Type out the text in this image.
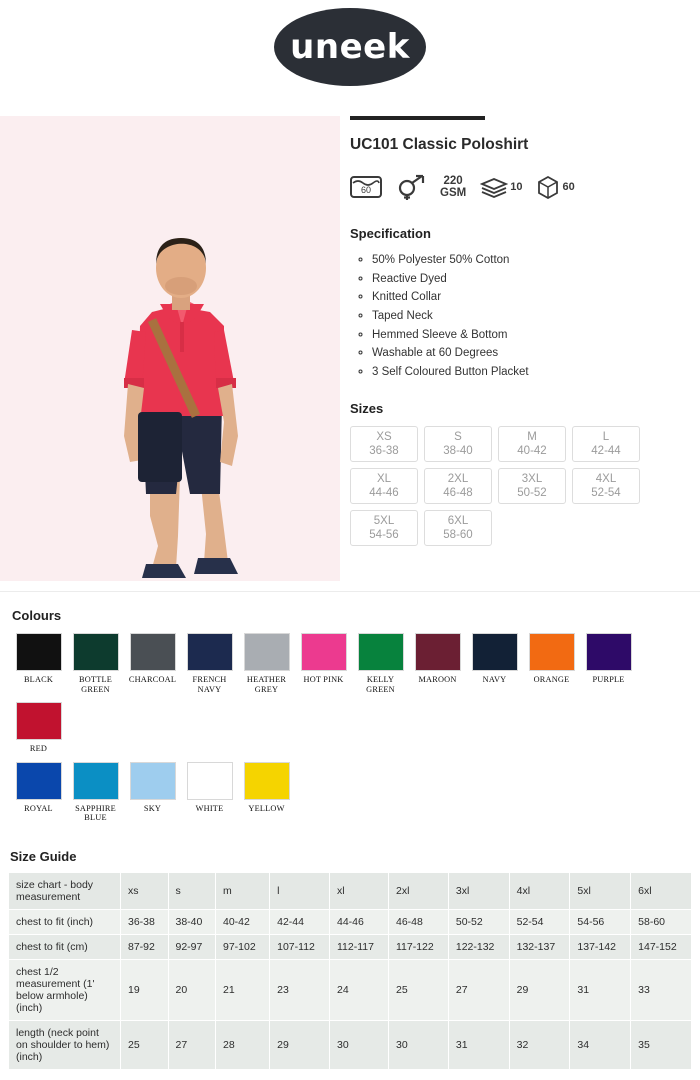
uneek
UC101 Classic Poloshirt
60
220
GSM
10	60
Specification
◦ 50% Polyester 50% Cotton
◦ Reactive Dyed
◦ Knitted Collar
◦ Taped Neck
◦ Hemmed Sleeve & Bottom
◦ Washable at 60 Degrees
◦ 3 Self Coloured Button Placket
Sizes
XS
36-38
S
38-40
M
40-42
L
42-44
XL
44-46
2XL
46-48
3XL
50-52
4XL
52-54
5XL
54-56
6XL
58-60
Colours
BLACK	BOTTLE GREEN
CHARCOAL	FRENCH NAVY
HEATHER GREY
HOT PINK	KELLY GREEN
MAROON	NAVY	ORANGE	PURPLE
RED
ROYAL	SAPPHIRE BLUE
SKY	WHITE	YELLOW
Size Guide
size chart - body measurement	xs	s	m	l	xl	2xl	3xl	4xl	5xl	6xl
chest to fit (inch)	36-38	38-40	40-42	42-44	44-46	46-48	50-52	52-54	54-56	58-60
chest to fit (cm)	87-92	92-97	97-102	107-112	112-117	117-122	122-132	132-137	137-142	147-152
chest 1/2 measurement (1' below armhole) (inch)	19	20	21	23	24	25	27	29	31	33
length (neck point on shoulder to hem) (inch)	25	27	28	29	30	30	31	32	34	35
